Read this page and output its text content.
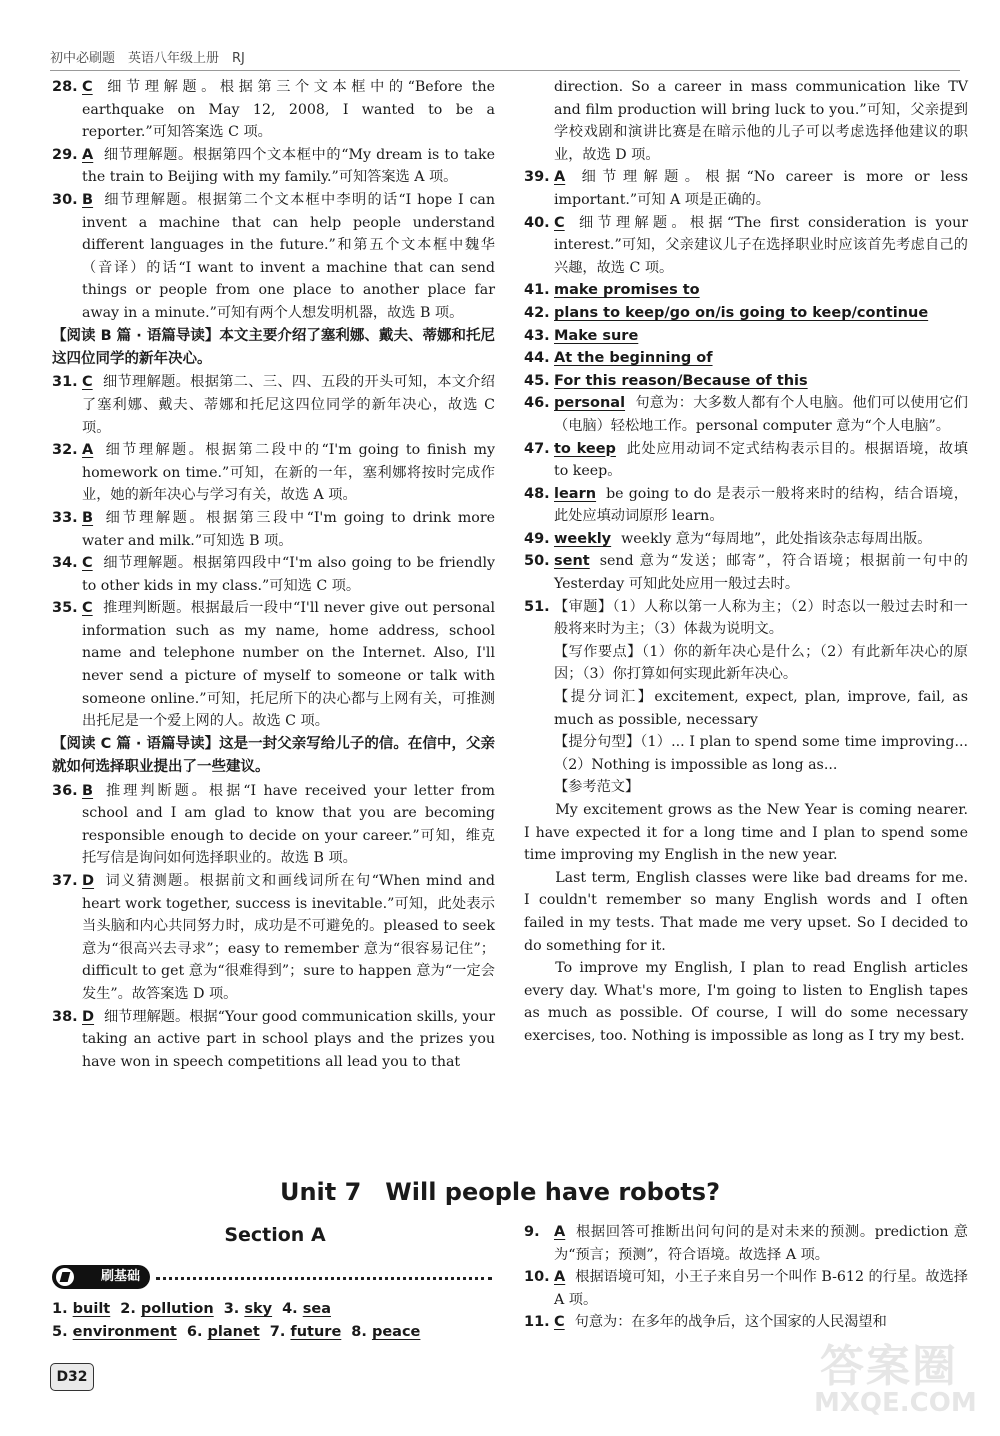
初中必刷题　英语八年级上册　RJ

28. C 细节理解题。根据第三个文本框中的“Before the earthquake on May 12, 2008, I wanted to be a reporter.”可知答案选 C 项。

29. A 细节理解题。根据第四个文本框中的“My dream is to take the train to Beijing with my family.”可知答案选 A 项。

30. B 细节理解题。根据第二个文本框中李明的话“I hope I can invent a machine that can help people understand different languages in the future.”和第五个文本框中魏华（音译）的话“I want to invent a machine that can send things or people from one place to another place far away in a minute.”可知有两个人想发明机器，故选 B 项。

【阅读 B 篇 · 语篇导读】本文主要介绍了塞利娜、戴夫、蒂娜和托尼这四位同学的新年决心。

31. C 细节理解题。根据第二、三、四、五段的开头可知，本文介绍了塞利娜、戴夫、蒂娜和托尼这四位同学的新年决心，故选 C 项。

32. A 细节理解题。根据第二段中的“I'm going to finish my homework on time.”可知，在新的一年，塞利娜将按时完成作业，她的新年决心与学习有关，故选 A 项。

33. B 细节理解题。根据第三段中“I'm going to drink more water and milk.”可知选 B 项。

34. C 细节理解题。根据第四段中“I'm also going to be friendly to other kids in my class.”可知选 C 项。

35. C 推理判断题。根据最后一段中“I'll never give out personal information such as my name, home address, school name and telephone number on the Internet. Also, I'll never send a picture of myself to someone or talk with someone online.”可知，托尼所下的决心都与上网有关，可推测出托尼是一个爱上网的人。故选 C 项。

【阅读 C 篇 · 语篇导读】这是一封父亲写给儿子的信。在信中，父亲就如何选择职业提出了一些建议。

36. B 推理判断题。根据“I have received your letter from school and I am glad to know that you are becoming responsible enough to decide on your career.”可知，维克托写信是询问如何选择职业的。故选 B 项。

37. D 词义猜测题。根据前文和画线词所在句“When mind and heart work together, success is inevitable.”可知，此处表示当头脑和内心共同努力时，成功是不可避免的。pleased to seek 意为“很高兴去寻求”；easy to remember 意为“很容易记住”；difficult to get 意为“很难得到”；sure to happen 意为“一定会发生”。故答案选 D 项。

38. D 细节理解题。根据“Your good communication skills, your taking an active part in school plays and the prizes you have won in speech competitions all lead you to that

direction. So a career in mass communication like TV and film production will bring luck to you.”可知，父亲提到学校戏剧和演讲比赛是在暗示他的儿子可以考虑选择他建议的职业，故选 D 项。

39. A 细节理解题。根据“No career is more or less important.”可知 A 项是正确的。

40. C 细节理解题。根据“The first consideration is your interest.”可知，父亲建议儿子在选择职业时应该首先考虑自己的兴趣，故选 C 项。

41. make promises to

42. plans to keep/go on/is going to keep/continue

43. Make sure

44. At the beginning of

45. For this reason/Because of this

46. personal 句意为：大多数人都有个人电脑。他们可以使用它们（电脑）轻松地工作。personal computer 意为“个人电脑”。

47. to keep 此处应用动词不定式结构表示目的。根据语境，故填 to keep。

48. learn be going to do 是表示一般将来时的结构，结合语境，此处应填动词原形 learn。

49. weekly weekly 意为“每周地”，此处指该杂志每周出版。

50. sent send 意为“发送；邮寄”，符合语境；根据前一句中的 Yesterday 可知此处应用一般过去时。

51. 【审题】（1）人称以第一人称为主；（2）时态以一般过去时和一般将来时为主；（3）体裁为说明文。

【写作要点】（1）你的新年决心是什么；（2）有此新年决心的原因；（3）你打算如何实现此新年决心。

【提分词汇】excitement, expect, plan, improve, fail, as much as possible, necessary

【提分句型】（1）... I plan to spend some time improving... （2）Nothing is impossible as long as...

【参考范文】

My excitement grows as the New Year is coming nearer. I have expected it for a long time and I plan to spend some time improving my English in the new year.

Last term, English classes were like bad dreams for me. I couldn't remember so many English words and I often failed in my tests. That made me very upset. So I decided to do something for it.

To improve my English, I plan to read English articles every day. What's more, I'm going to listen to English tapes as much as possible. Of course, I will do some necessary exercises, too. Nothing is impossible as long as I try my best.

Unit 7　Will people have robots?
Section A
刷基础
1. built 2. pollution 3. sky 4. sea
5. environment 6. planet 7. future 8. peace

9. A 根据回答可推断出问句问的是对未来的预测。prediction 意为“预言；预测”，符合语境。故选择 A 项。

10. A 根据语境可知，小王子来自另一个叫作 B-612 的行星。故选择 A 项。

11. C 句意为：在多年的战争后，这个国家的人民渴望和

D32	答案圈
MXQE.COM
